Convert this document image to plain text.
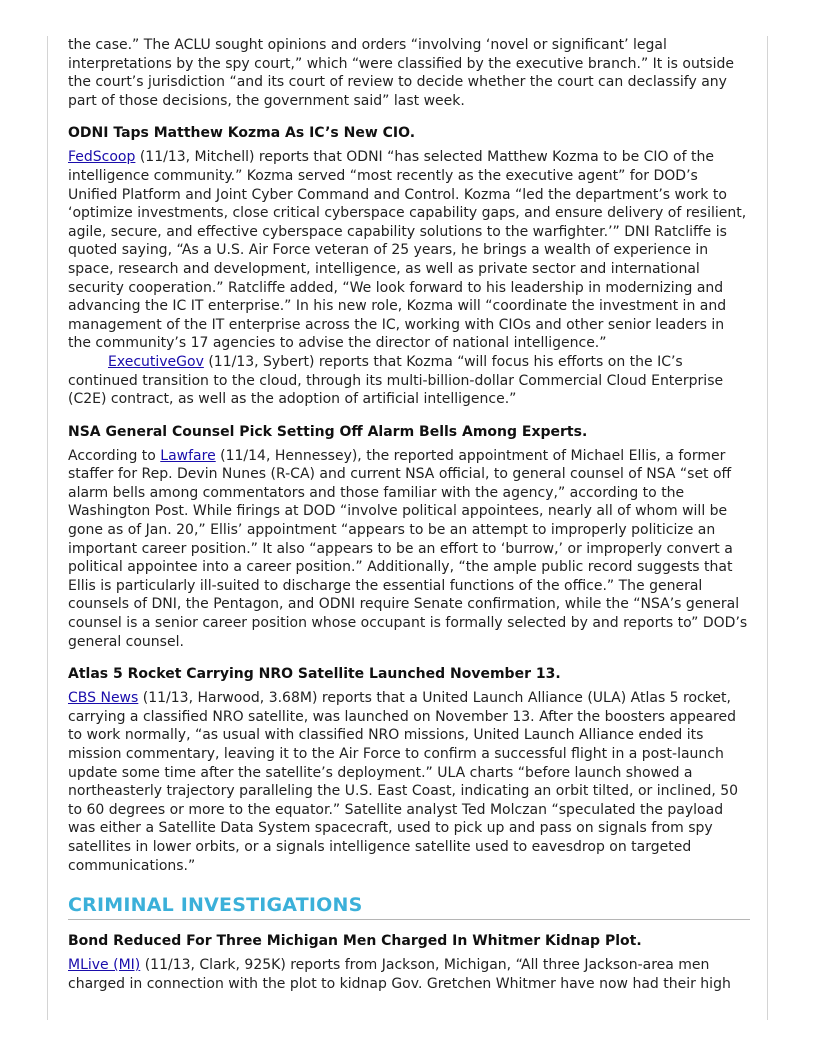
the case.” The ACLU sought opinions and orders “involving ‘novel or significant’ legal interpretations by the spy court,” which “were classified by the executive branch.” It is outside the court’s jurisdiction “and its court of review to decide whether the court can declassify any part of those decisions, the government said” last week.

ODNI Taps Matthew Kozma As IC’s New CIO.

FedScoop (11/13, Mitchell) reports that ODNI “has selected Matthew Kozma to be CIO of the intelligence community.” Kozma served “most recently as the executive agent” for DOD’s Unified Platform and Joint Cyber Command and Control. Kozma “led the department’s work to ‘optimize investments, close critical cyberspace capability gaps, and ensure delivery of resilient, agile, secure, and effective cyberspace capability solutions to the warfighter.’” DNI Ratcliffe is quoted saying, “As a U.S. Air Force veteran of 25 years, he brings a wealth of experience in space, research and development, intelligence, as well as private sector and international security cooperation.” Ratcliffe added, “We look forward to his leadership in modernizing and advancing the IC IT enterprise.” In his new role, Kozma will “coordinate the investment in and management of the IT enterprise across the IC, working with CIOs and other senior leaders in the community’s 17 agencies to advise the director of national intelligence.”

ExecutiveGov (11/13, Sybert) reports that Kozma “will focus his efforts on the IC’s continued transition to the cloud, through its multi-billion-dollar Commercial Cloud Enterprise (C2E) contract, as well as the adoption of artificial intelligence.”

NSA General Counsel Pick Setting Off Alarm Bells Among Experts.

According to Lawfare (11/14, Hennessey), the reported appointment of Michael Ellis, a former staffer for Rep. Devin Nunes (R-CA) and current NSA official, to general counsel of NSA “set off alarm bells among commentators and those familiar with the agency,” according to the Washington Post. While firings at DOD “involve political appointees, nearly all of whom will be gone as of Jan. 20,” Ellis’ appointment “appears to be an attempt to improperly politicize an important career position.” It also “appears to be an effort to ‘burrow,’ or improperly convert a political appointee into a career position.” Additionally, “the ample public record suggests that Ellis is particularly ill-suited to discharge the essential functions of the office.” The general counsels of DNI, the Pentagon, and ODNI require Senate confirmation, while the “NSA’s general counsel is a senior career position whose occupant is formally selected by and reports to” DOD’s general counsel.

Atlas 5 Rocket Carrying NRO Satellite Launched November 13.

CBS News (11/13, Harwood, 3.68M) reports that a United Launch Alliance (ULA) Atlas 5 rocket, carrying a classified NRO satellite, was launched on November 13. After the boosters appeared to work normally, “as usual with classified NRO missions, United Launch Alliance ended its mission commentary, leaving it to the Air Force to confirm a successful flight in a post-launch update some time after the satellite’s deployment.” ULA charts “before launch showed a northeasterly trajectory paralleling the U.S. East Coast, indicating an orbit tilted, or inclined, 50 to 60 degrees or more to the equator.” Satellite analyst Ted Molczan “speculated the payload was either a Satellite Data System spacecraft, used to pick up and pass on signals from spy satellites in lower orbits, or a signals intelligence satellite used to eavesdrop on targeted communications.”

CRIMINAL INVESTIGATIONS
Bond Reduced For Three Michigan Men Charged In Whitmer Kidnap Plot.

MLive (MI) (11/13, Clark, 925K) reports from Jackson, Michigan, “All three Jackson-area men charged in connection with the plot to kidnap Gov. Gretchen Whitmer have now had their high
